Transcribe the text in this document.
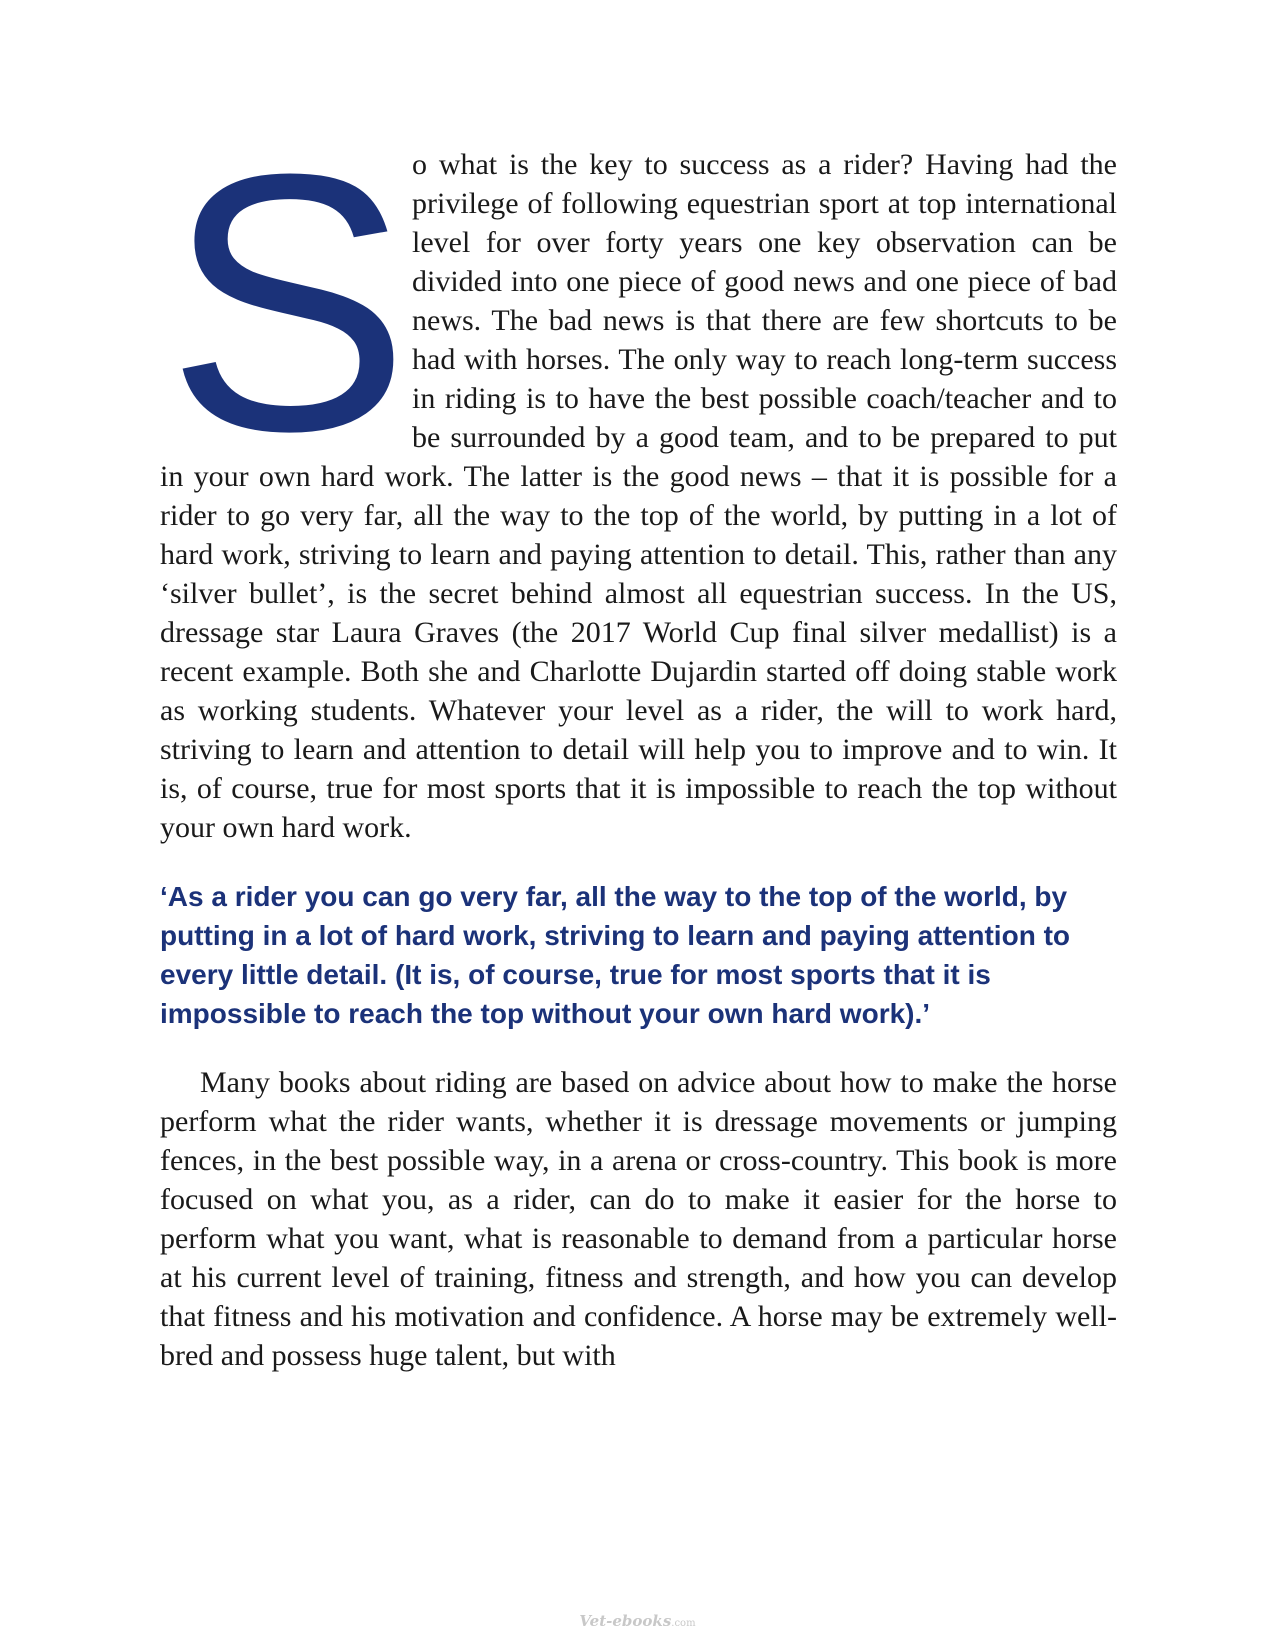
S o what is the key to success as a rider? Having had the privilege of following equestrian sport at top international level for over forty years one key observation can be divided into one piece of good news and one piece of bad news. The bad news is that there are few shortcuts to be had with horses. The only way to reach long-term success in riding is to have the best possible coach/teacher and to be surrounded by a good team, and to be prepared to put in your own hard work. The latter is the good news – that it is possible for a rider to go very far, all the way to the top of the world, by putting in a lot of hard work, striving to learn and paying attention to detail. This, rather than any ‘silver bullet’, is the secret behind almost all equestrian success. In the US, dressage star Laura Graves (the 2017 World Cup final silver medallist) is a recent example. Both she and Charlotte Dujardin started off doing stable work as working students. Whatever your level as a rider, the will to work hard, striving to learn and attention to detail will help you to improve and to win. It is, of course, true for most sports that it is impossible to reach the top without your own hard work.

‘As a rider you can go very far, all the way to the top of the world, by putting in a lot of hard work, striving to learn and paying attention to every little detail. (It is, of course, true for most sports that it is impossible to reach the top without your own hard work).’

Many books about riding are based on advice about how to make the horse perform what the rider wants, whether it is dressage movements or jumping fences, in the best possible way, in a arena or cross-country. This book is more focused on what you, as a rider, can do to make it easier for the horse to perform what you want, what is reasonable to demand from a particular horse at his current level of training, fitness and strength, and how you can develop that fitness and his motivation and confidence. A horse may be extremely well-bred and possess huge talent, but with

Vet-ebooks.com
